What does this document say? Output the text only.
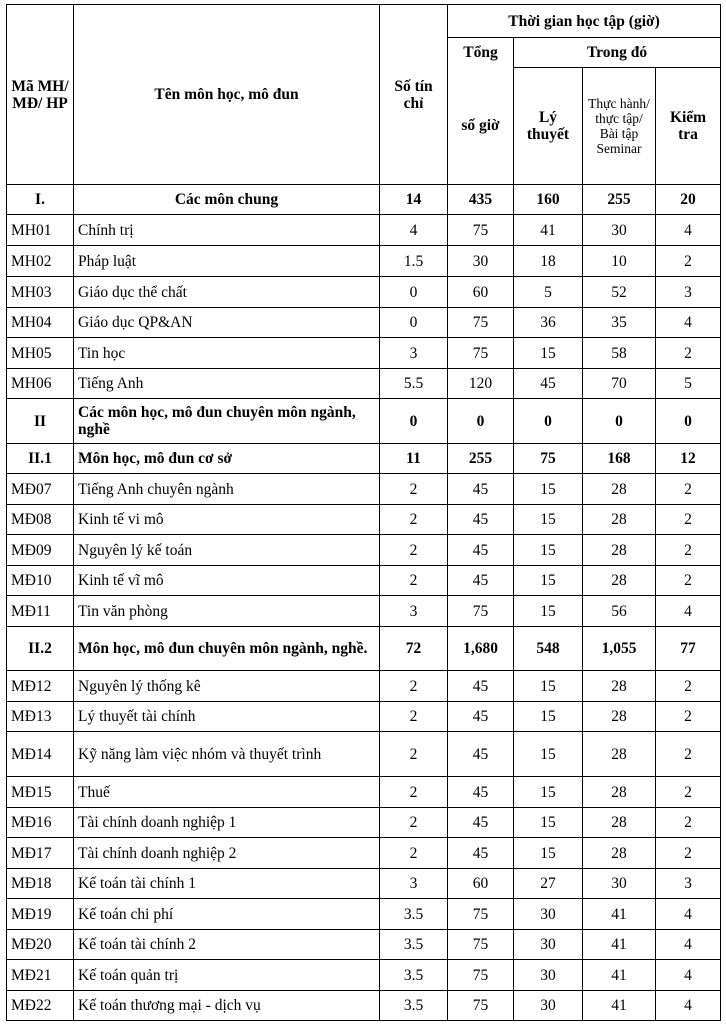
Mã MH/ MĐ/ HP	Tên môn học, mô đun	Số tín chỉ	Thời gian học tập (giờ)			
			Tổng	Trong đó		
			số giờ	Lý thuyết	Thực hành/ thực tập/ Bài tập Seminar	Kiểm tra
I.	Các môn chung	14	435	160	255	20
MH01	Chính trị	4	75	41	30	4
MH02	Pháp luật	1.5	30	18	10	2
MH03	Giáo dục thể chất	0	60	5	52	3
MH04	Giáo dục QP&AN	0	75	36	35	4
MH05	Tin học	3	75	15	58	2
MH06	Tiếng Anh	5.5	120	45	70	5
II	Các môn học, mô đun chuyên môn ngành, nghề	0	0	0	0	0
II.1	Môn học, mô đun cơ sở	11	255	75	168	12
MĐ07	Tiếng Anh chuyên ngành	2	45	15	28	2
MĐ08	Kinh tế vi mô	2	45	15	28	2
MĐ09	Nguyên lý kế toán	2	45	15	28	2
MĐ10	Kinh tế vĩ mô	2	45	15	28	2
MĐ11	Tin văn phòng	3	75	15	56	4
II.2	Môn học, mô đun chuyên môn ngành, nghề.	72	1,680	548	1,055	77
MĐ12	Nguyên lý thống kê	2	45	15	28	2
MĐ13	Lý thuyết tài chính	2	45	15	28	2
MĐ14	Kỹ năng làm việc nhóm và thuyết trình	2	45	15	28	2
MĐ15	Thuế	2	45	15	28	2
MĐ16	Tài chính doanh nghiệp 1	2	45	15	28	2
MĐ17	Tài chính doanh nghiệp 2	2	45	15	28	2
MĐ18	Kế toán tài chính 1	3	60	27	30	3
MĐ19	Kế toán chi phí	3.5	75	30	41	4
MĐ20	Kế toán tài chính 2	3.5	75	30	41	4
MĐ21	Kế toán quản trị	3.5	75	30	41	4
MĐ22	Kế toán thương mại - dịch vụ	3.5	75	30	41	4
